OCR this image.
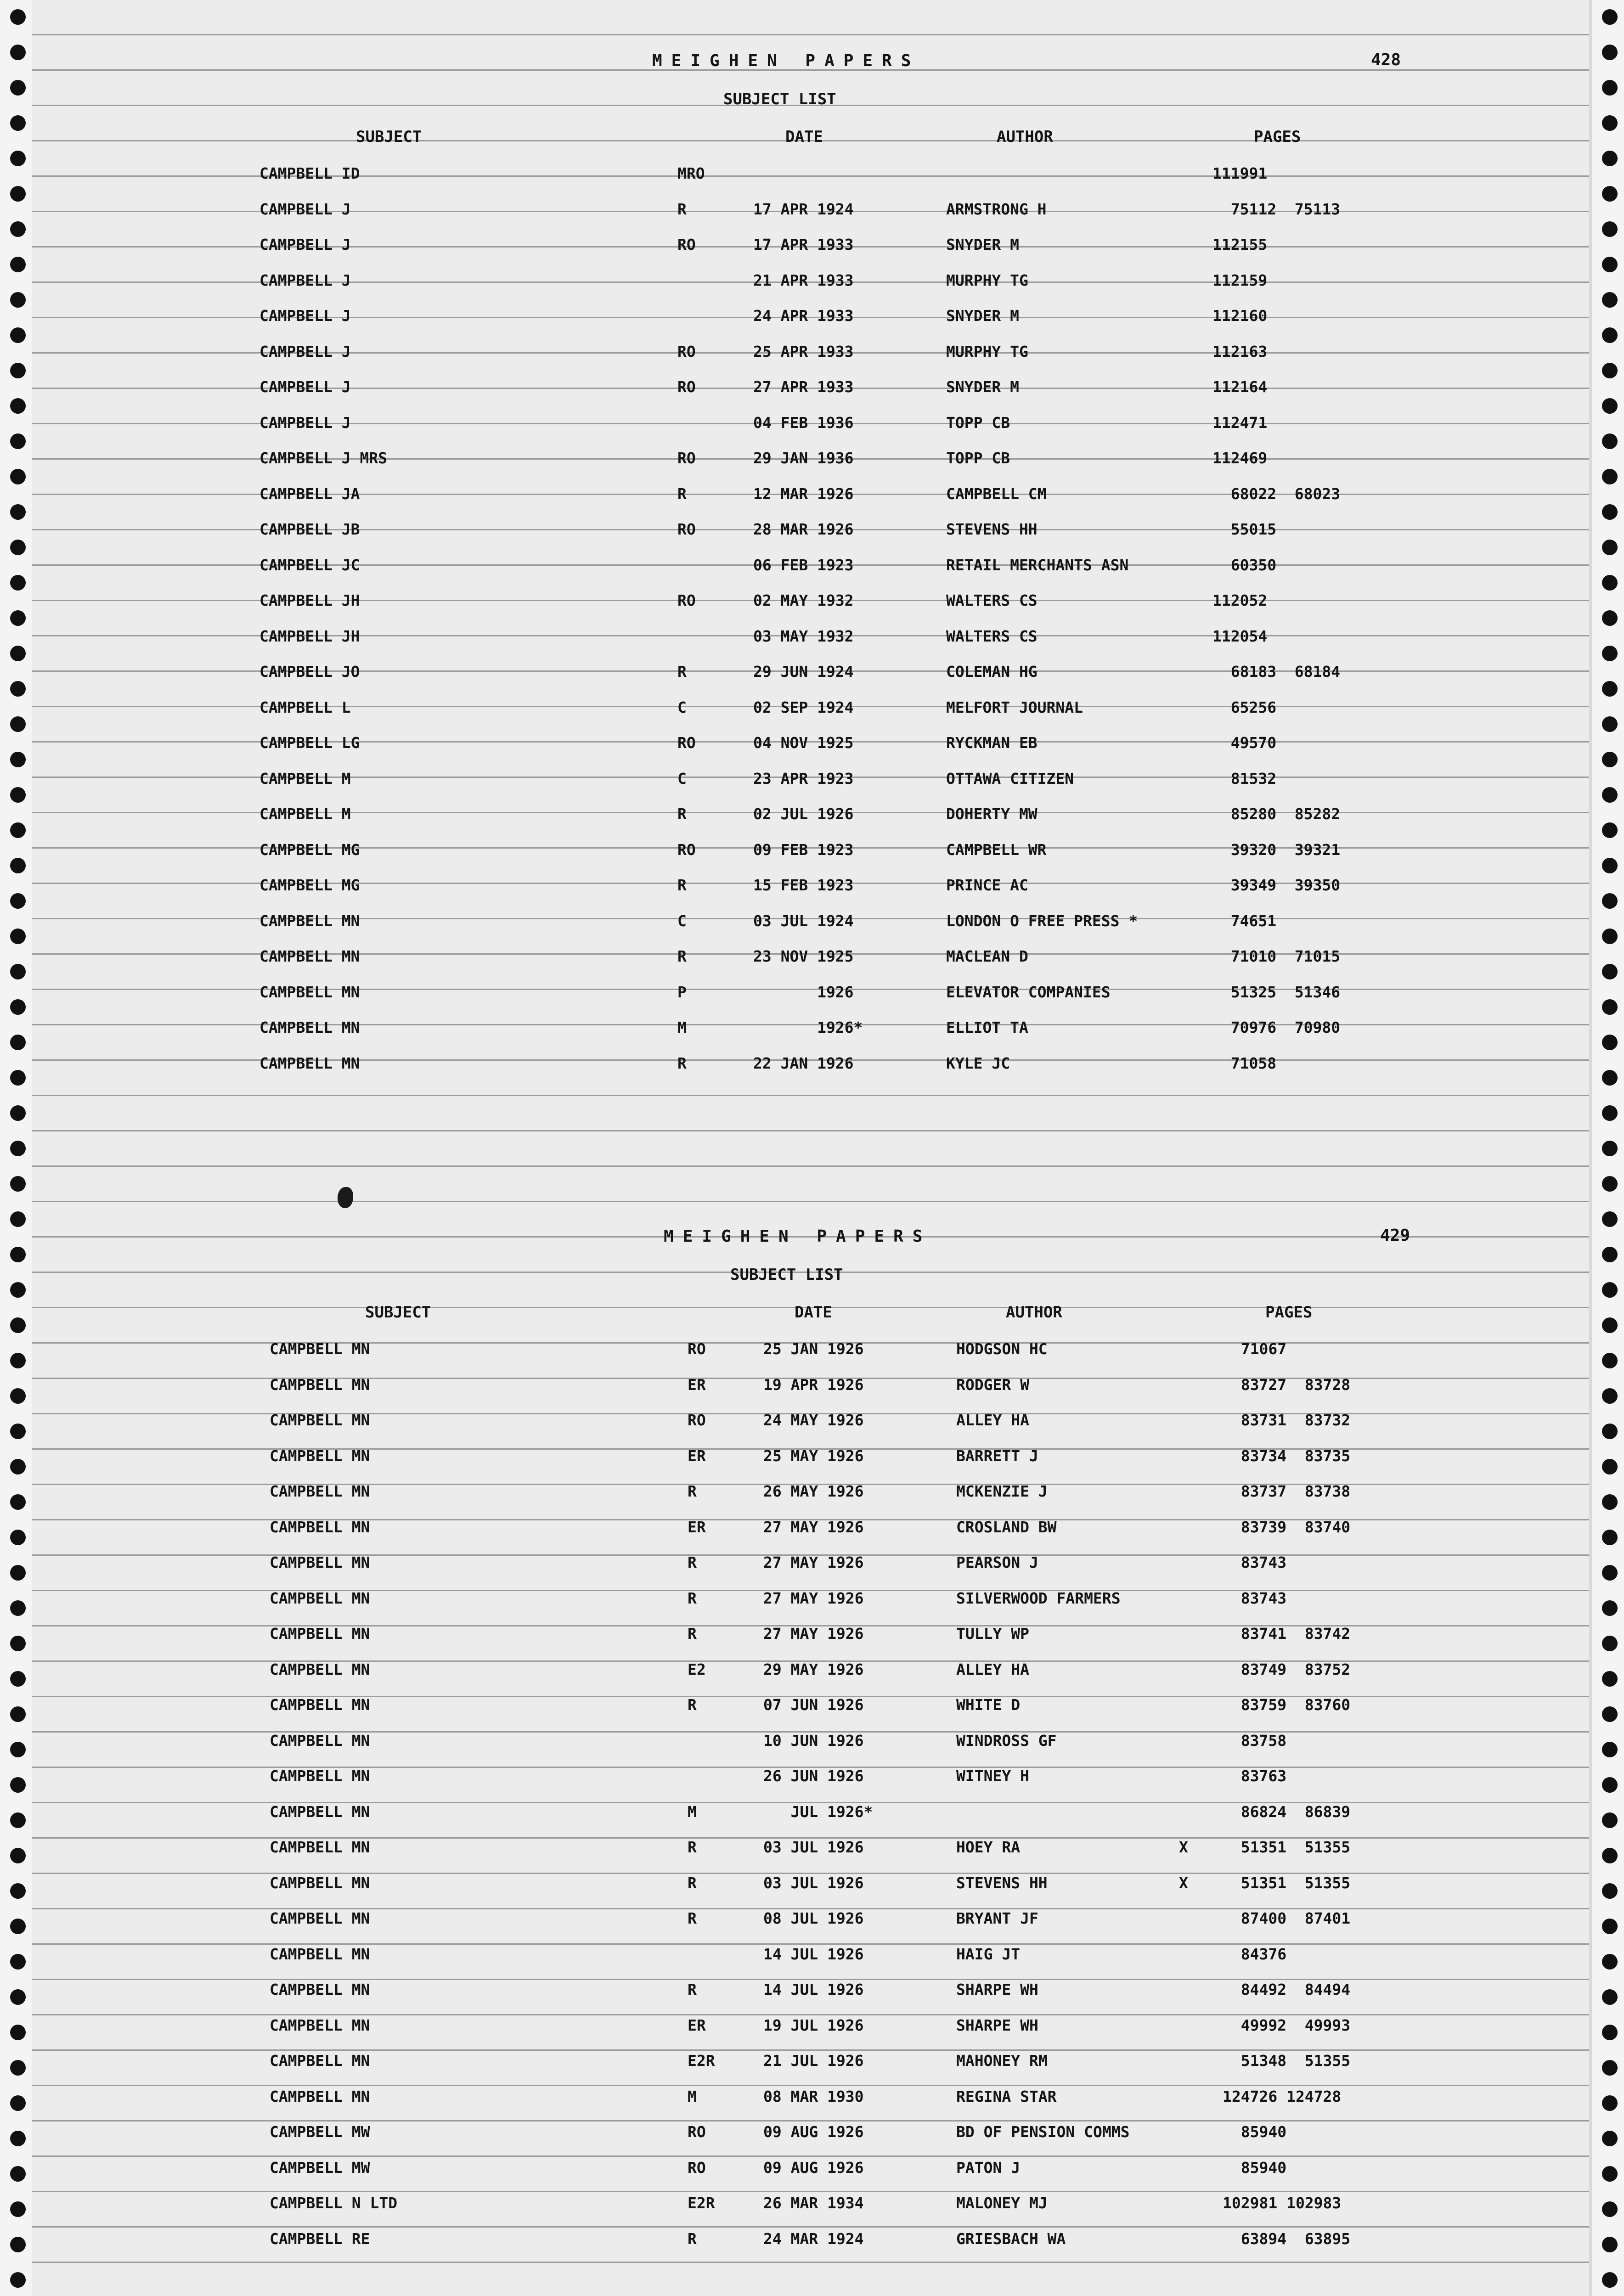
MEIGHEN PAPERS	428
SUBJECT LIST
SUBJECT	DATE	AUTHOR	PAGES
CAMPBELL ID	MRO	111991
CAMPBELL J	R	17 APR 1924	ARMSTRONG H	75112  75113
CAMPBELL J	RO	17 APR 1933	SNYDER M	112155
CAMPBELL J	21 APR 1933	MURPHY TG	112159
CAMPBELL J	24 APR 1933	SNYDER M	112160
CAMPBELL J	RO	25 APR 1933	MURPHY TG	112163
CAMPBELL J	RO	27 APR 1933	SNYDER M	112164
CAMPBELL J	04 FEB 1936	TOPP CB	112471
CAMPBELL J MRS	RO	29 JAN 1936	TOPP CB	112469
CAMPBELL JA	R	12 MAR 1926	CAMPBELL CM	68022  68023
CAMPBELL JB	RO	28 MAR 1926	STEVENS HH	55015
CAMPBELL JC	06 FEB 1923	RETAIL MERCHANTS ASN	60350
CAMPBELL JH	RO	02 MAY 1932	WALTERS CS	112052
CAMPBELL JH	03 MAY 1932	WALTERS CS	112054
CAMPBELL JO	R	29 JUN 1924	COLEMAN HG	68183  68184
CAMPBELL L	C	02 SEP 1924	MELFORT JOURNAL	65256
CAMPBELL LG	RO	04 NOV 1925	RYCKMAN EB	49570
CAMPBELL M	C	23 APR 1923	OTTAWA CITIZEN	81532
CAMPBELL M	R	02 JUL 1926	DOHERTY MW	85280  85282
CAMPBELL MG	RO	09 FEB 1923	CAMPBELL WR	39320  39321
CAMPBELL MG	R	15 FEB 1923	PRINCE AC	39349  39350
CAMPBELL MN	C	03 JUL 1924	LONDON O FREE PRESS *	74651
CAMPBELL MN	R	23 NOV 1925	MACLEAN D	71010  71015
CAMPBELL MN	P	1926	ELEVATOR COMPANIES	51325  51346
CAMPBELL MN	M	1926*	ELLIOT TA	70976  70980
CAMPBELL MN	R	22 JAN 1926	KYLE JC	71058
MEIGHEN PAPERS	429
SUBJECT LIST
SUBJECT	DATE	AUTHOR	PAGES
CAMPBELL MN	RO	25 JAN 1926	HODGSON HC	71067
CAMPBELL MN	ER	19 APR 1926	RODGER W	83727  83728
CAMPBELL MN	RO	24 MAY 1926	ALLEY HA	83731  83732
CAMPBELL MN	ER	25 MAY 1926	BARRETT J	83734  83735
CAMPBELL MN	R	26 MAY 1926	MCKENZIE J	83737  83738
CAMPBELL MN	ER	27 MAY 1926	CROSLAND BW	83739  83740
CAMPBELL MN	R	27 MAY 1926	PEARSON J	83743
CAMPBELL MN	R	27 MAY 1926	SILVERWOOD FARMERS	83743
CAMPBELL MN	R	27 MAY 1926	TULLY WP	83741  83742
CAMPBELL MN	E2	29 MAY 1926	ALLEY HA	83749  83752
CAMPBELL MN	R	07 JUN 1926	WHITE D	83759  83760
CAMPBELL MN	10 JUN 1926	WINDROSS GF	83758
CAMPBELL MN	26 JUN 1926	WITNEY H	83763
CAMPBELL MN	M	JUL 1926*	86824  86839
CAMPBELL MN	R	03 JUL 1926	HOEY RA	X 51351  51355
CAMPBELL MN	R	03 JUL 1926	STEVENS HH	X 51351  51355
CAMPBELL MN	R	08 JUL 1926	BRYANT JF	87400  87401
CAMPBELL MN	14 JUL 1926	HAIG JT	84376
CAMPBELL MN	R	14 JUL 1926	SHARPE WH	84492  84494
CAMPBELL MN	ER	19 JUL 1926	SHARPE WH	49992  49993
CAMPBELL MN	E2R	21 JUL 1926	MAHONEY RM	51348  51355
CAMPBELL MN	M	08 MAR 1930	REGINA STAR	124726 124728
CAMPBELL MW	RO	09 AUG 1926	BD OF PENSION COMMS	85940
CAMPBELL MW	RO	09 AUG 1926	PATON J	85940
CAMPBELL N LTD	E2R	26 MAR 1934	MALONEY MJ	102981 102983
CAMPBELL RE	R	24 MAR 1924	GRIESBACH WA	63894  63895
